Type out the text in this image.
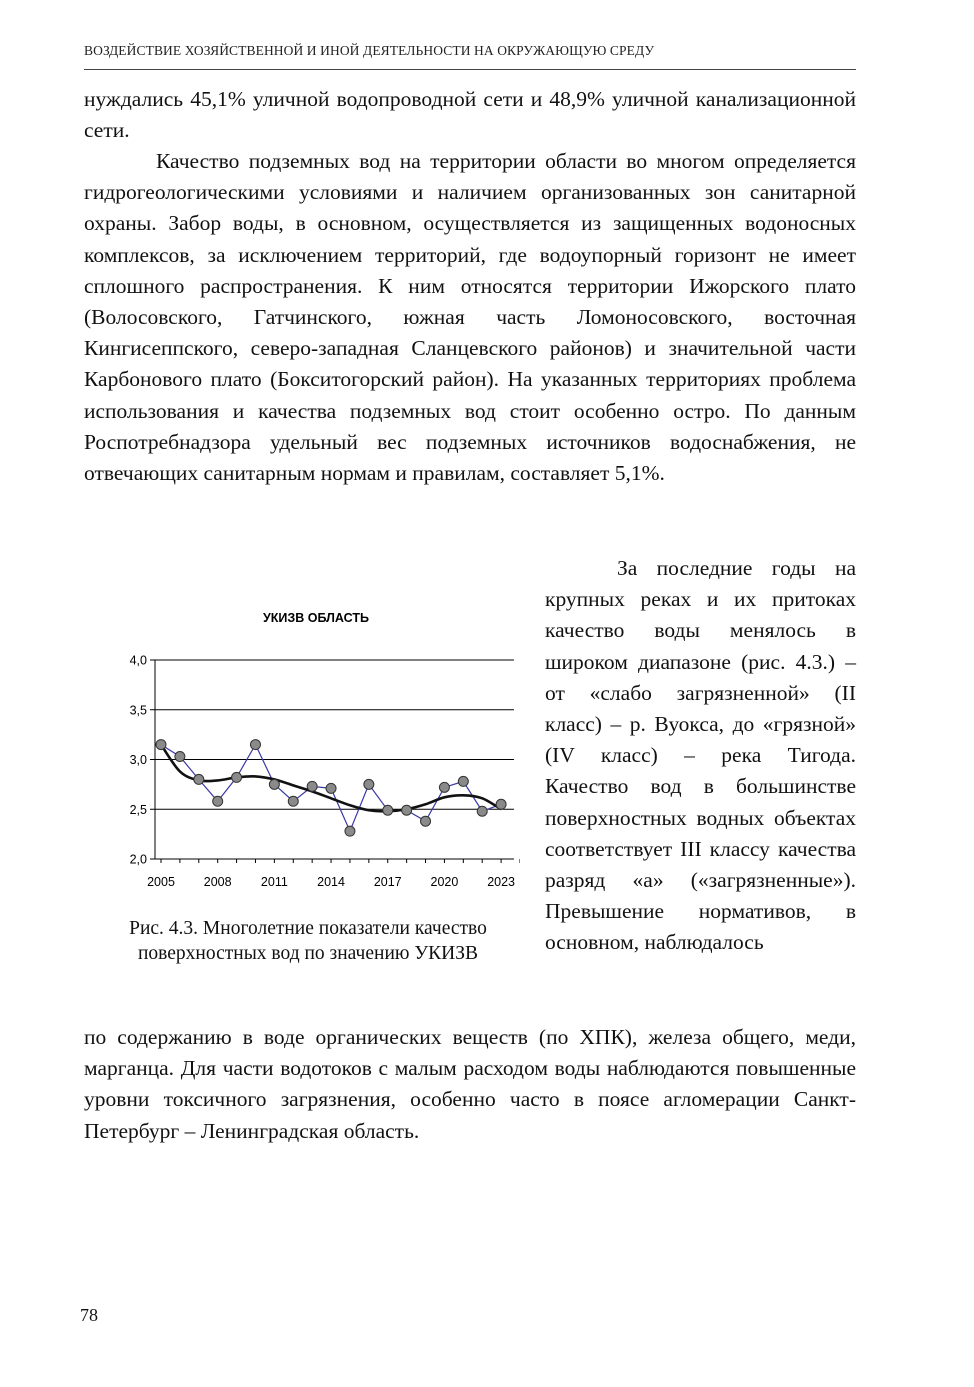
ВОЗДЕЙСТВИЕ ХОЗЯЙСТВЕННОЙ И ИНОЙ ДЕЯТЕЛЬНОСТИ НА ОКРУЖАЮЩУЮ СРЕДУ
нуждались 45,1% уличной водопроводной сети и 48,9% уличной канализационной сети.
Качество подземных вод на территории области во многом определяется гидрогеологическими условиями и наличием организованных зон санитарной охраны. Забор воды, в основном, осуществляется из защищенных водоносных комплексов, за исключением территорий, где водоупорный горизонт не имеет сплошного распространения. К ним относятся территории Ижорского плато (Волосовского, Гатчинского, южная часть Ломоносовского, восточная Кингисеппского, северо-западная Сланцевского районов) и значительной части Карбонового плато (Бокситогорский район). На указанных территориях проблема использования и качества подземных вод стоит особенно остро. По данным Роспотребнадзора удельный вес подземных источников водоснабжения, не отвечающих санитарным нормам и правилам, составляет 5,1%.
За последние годы на крупных реках и их притоках качество воды менялось в широком диапазоне (рис. 4.3.) – от «слабо загрязненной» (II класс) – р. Вуокса, до «грязной» (IV класс) – река Тигода. Качество вод в большинстве поверхностных водных объектах соответствует III классу качества разряд «а» («загрязненные»). Превышение нормативов, в основном, наблюдалось
УКИЗВ ОБЛАСТЬ
2,0
2,5
3,0
3,5
4,0
2005 2008 2011 2014 2017 2020 2023
Рис. 4.3. Многолетние показатели качество поверхностных вод по значению УКИЗВ
по содержанию в воде органических веществ (по ХПК), железа общего, меди, марганца. Для части водотоков с малым расходом воды наблюдаются повышенные уровни токсичного загрязнения, особенно часто в поясе агломерации Санкт-Петербург – Ленинградская область.
78
